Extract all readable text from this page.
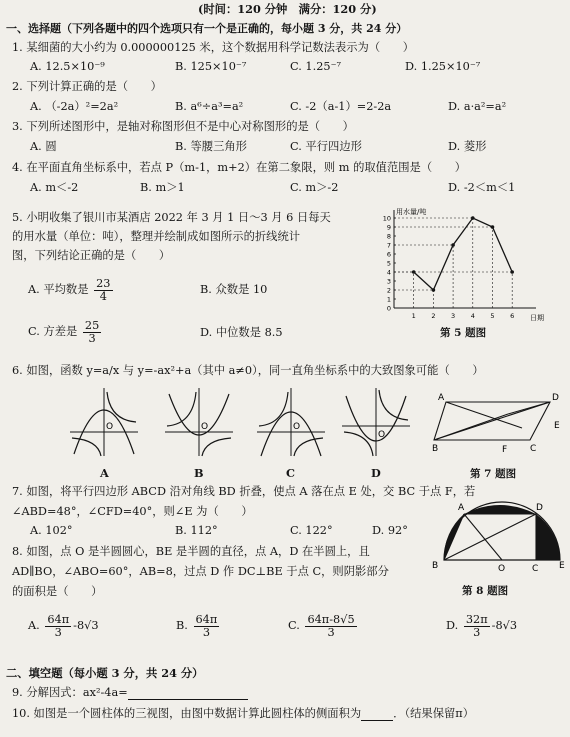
(时间：120 分钟　满分：120 分)
一、选择题（下列各题中的四个选项只有一个是正确的，每小题 3 分，共 24 分）
1. 某细菌的大小约为 0.000000125 米，这个数据用科学记数法表示为（　　）
A. 12.5×10⁻⁹	B. 125×10⁻⁷	C. 1.25⁻⁷	D. 1.25×10⁻⁷
2. 下列计算正确的是（　　）
A. （-2a）²=2a²	B. a⁶÷a³=a²	C. -2（a-1）=2-2a	D. a·a²=a²
3. 下列所述图形中，是轴对称图形但不是中心对称图形的是（　　）
A. 圆	B. 等腰三角形	C. 平行四边形	D. 菱形
4. 在平面直角坐标系中，若点 P（m-1，m+2）在第二象限，则 m 的取值范围是（　　）
A. m＜-2	B. m＞1	C. m＞-2	D. -2＜m＜1
5. 小明收集了银川市某酒店 2022 年 3 月 1 日～3 月 6 日每天
的用水量（单位：吨），整理并绘制成如图所示的折线统计
图，下列结论正确的是（　　）
A. 平均数是 $\frac{23}{4}$	B. 众数是 10
C. 方差是 $\frac{25}{3}$	D. 中位数是 8.5
用水量/吨
日期
0
1
2
3
4
5
6
7
8
9
10
1 2 3 4 5 6
第 5 题图
6. 如图，函数 y=a/x 与 y=-ax²+a（其中 a≠0），同一直角坐标系中的大致图象可能（　　）
O	O	O
O
A	B	C	D
A	D
B	C
E
F
第 7 题图
7. 如图，将平行四边形 ABCD 沿对角线 BD 折叠，使点 A 落在点 E 处，交 BC 于点 F，若
∠ABD=48°，∠CFD=40°，则∠E 为（　　）
A. 102°	B. 112°	C. 122°	D. 92°
8. 如图，点 O 是半圆圆心，BE 是半圆的直径，点 A，D 在半圆上，且
AD∥BO，∠ABO=60°，AB=8，过点 D 作 DC⊥BE 于点 C，则阴影部分
的面积是（　　）
A	D
B	O	C E
第 8 题图
A. $\frac{64\pi}{3} -8√3$	B. $\frac{64\pi}{3}$	C. $\frac{64\pi-8√5}{3}$	D. $\frac{32\pi}{3} -8√3$
二、填空题（每小题 3 分，共 24 分）
9. 分解因式：ax²-4a=
10. 如图是一个圆柱体的三视图，由图中数据计算此圆柱体的侧面积为	．（结果保留π）
